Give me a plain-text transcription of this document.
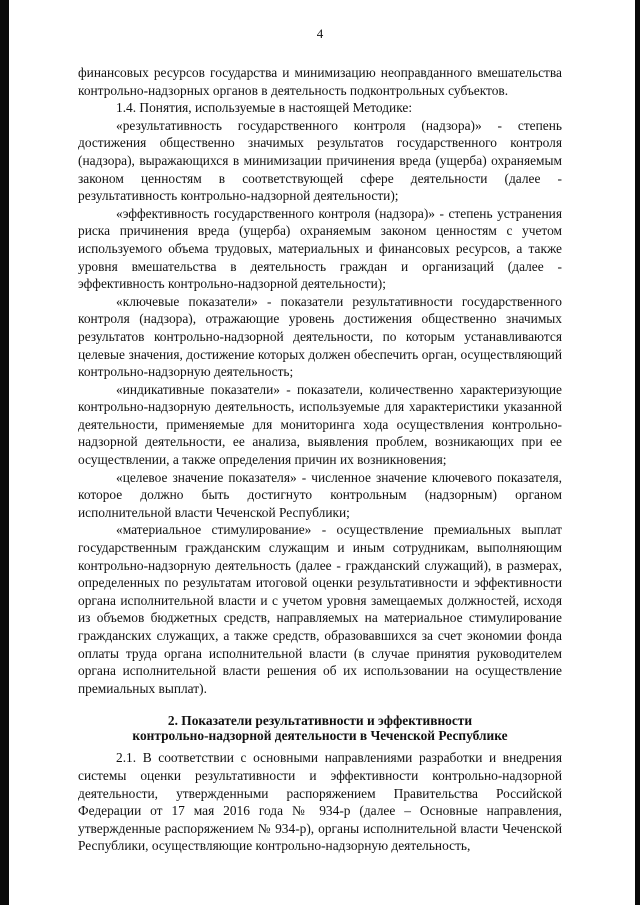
4

финансовых ресурсов государства и минимизацию неоправданного вмешательства контрольно-надзорных органов в деятельность подконтрольных субъектов.

1.4. Понятия, используемые в настоящей Методике:

«результативность государственного контроля (надзора)» - степень достижения общественно значимых результатов государственного контроля (надзора), выражающихся в минимизации причинения вреда (ущерба) охраняемым законом ценностям в соответствующей сфере деятельности (далее - результативность контрольно-надзорной деятельности);

«эффективность государственного контроля (надзора)» - степень устранения риска причинения вреда (ущерба) охраняемым законом ценностям с учетом используемого объема трудовых, материальных и финансовых ресурсов, а также уровня вмешательства в деятельность граждан и организаций (далее - эффективность контрольно-надзорной деятельности);

«ключевые показатели» - показатели результативности государственного контроля (надзора), отражающие уровень достижения общественно значимых результатов контрольно-надзорной деятельности, по которым устанавливаются целевые значения, достижение которых должен обеспечить орган, осуществляющий контрольно-надзорную деятельность;

«индикативные показатели» - показатели, количественно характеризующие контрольно-надзорную деятельность, используемые для характеристики указанной деятельности, применяемые для мониторинга хода осуществления контрольно-надзорной деятельности, ее анализа, выявления проблем, возникающих при ее осуществлении, а также определения причин их возникновения;

«целевое значение показателя» - численное значение ключевого показателя, которое должно быть достигнуто контрольным (надзорным) органом исполнительной власти Чеченской Республики;

«материальное стимулирование» - осуществление премиальных выплат государственным гражданским служащим и иным сотрудникам, выполняющим контрольно-надзорную деятельность (далее - гражданский служащий), в размерах, определенных по результатам итоговой оценки результативности и эффективности органа исполнительной власти и с учетом уровня замещаемых должностей, исходя из объемов бюджетных средств, направляемых на материальное стимулирование гражданских служащих, а также средств, образовавшихся за счет экономии фонда оплаты труда органа исполнительной власти (в случае принятия руководителем органа исполнительной власти решения об их использовании на осуществление премиальных выплат).

2. Показатели результативности и эффективности
контрольно-надзорной деятельности в Чеченской Республике

2.1. В соответствии с основными направлениями разработки и внедрения системы оценки результативности и эффективности контрольно-надзорной деятельности, утвержденными распоряжением Правительства Российской Федерации от 17 мая 2016 года № 934-р (далее – Основные направления, утвержденные распоряжением № 934-р), органы исполнительной власти Чеченской Республики, осуществляющие контрольно-надзорную деятельность,
